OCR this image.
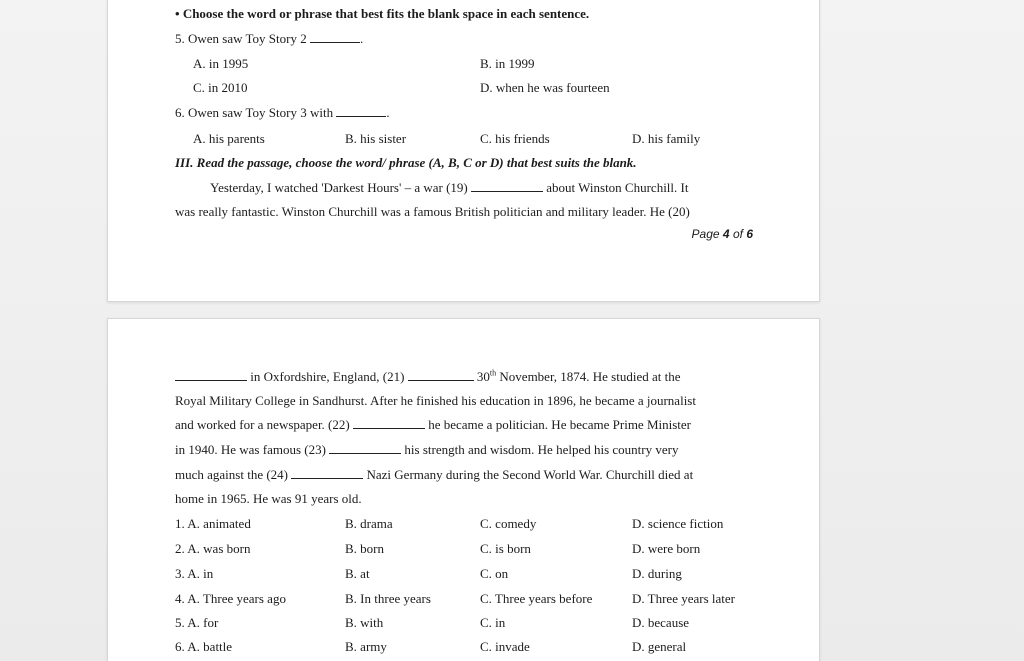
• Choose the word or phrase that best fits the blank space in each sentence.
5. Owen saw Toy Story 2	.
A. in 1995	B. in 1999
C. in 2010	D. when he was fourteen
6. Owen saw Toy Story 3 with	.
A. his parents	B. his sister	C. his friends	D. his family
III. Read the passage, choose the word/ phrase (A, B, C or D) that best suits the blank.
Yesterday, I watched 'Darkest Hours' – a war (19)	about Winston Churchill. It
was really fantastic. Winston Churchill was a famous British politician and military leader. He (20)
Page 4 of 6
in Oxfordshire, England, (21)	30th November, 1874. He studied at the
Royal Military College in Sandhurst. After he finished his education in 1896, he became a journalist
and worked for a newspaper. (22)	he became a politician. He became Prime Minister
in 1940. He was famous (23)	his strength and wisdom. He helped his country very
much against the (24)	Nazi Germany during the Second World War. Churchill died at
home in 1965. He was 91 years old.
1. A. animated	B. drama	C. comedy	D. science fiction
2. A. was born	B. born	C. is born	D. were born
3. A. in	B. at	C. on	D. during
4. A. Three years ago	B. In three years	C. Three years before	D. Three years later
5. A. for	B. with	C. in	D. because
6. A. battle	B. army	C. invade	D. general
